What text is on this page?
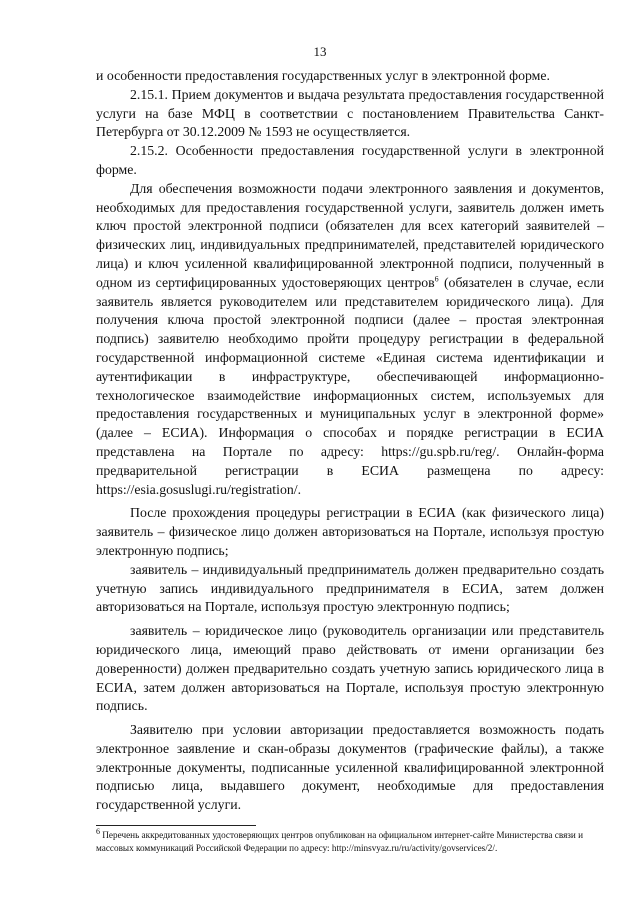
13

и особенности предоставления государственных услуг в электронной форме.

2.15.1. Прием документов и выдача результата предоставления государственной услуги на базе МФЦ в соответствии с постановлением Правительства Санкт-Петербурга от 30.12.2009 № 1593 не осуществляется.

2.15.2. Особенности предоставления государственной услуги в электронной форме.

Для обеспечения возможности подачи электронного заявления и документов, необходимых для предоставления государственной услуги, заявитель должен иметь ключ простой электронной подписи (обязателен для всех категорий заявителей – физических лиц, индивидуальных предпринимателей, представителей юридического лица) и ключ усиленной квалифицированной электронной подписи, полученный в одном из сертифицированных удостоверяющих центров$^6$ (обязателен в случае, если заявитель является руководителем или представителем юридического лица). Для получения ключа простой электронной подписи (далее – простая электронная подпись) заявителю необходимо пройти процедуру регистрации в федеральной государственной информационной системе «Единая система идентификации и аутентификации в инфраструктуре, обеспечивающей информационно-технологическое взаимодействие информационных систем, используемых для предоставления государственных и муниципальных услуг в электронной форме» (далее – ЕСИА). Информация о способах и порядке регистрации в ЕСИА представлена на Портале по адресу: https://gu.spb.ru/reg/. Онлайн-форма предварительной регистрации в ЕСИА размещена по адресу: https://esia.gosuslugi.ru/registration/.

После прохождения процедуры регистрации в ЕСИА (как физического лица) заявитель – физическое лицо должен авторизоваться на Портале, используя простую электронную подпись;

заявитель – индивидуальный предприниматель должен предварительно создать учетную запись индивидуального предпринимателя в ЕСИА, затем должен авторизоваться на Портале, используя простую электронную подпись;

заявитель – юридическое лицо (руководитель организации или представитель юридического лица, имеющий право действовать от имени организации без доверенности) должен предварительно создать учетную запись юридического лица в ЕСИА, затем должен авторизоваться на Портале, используя простую электронную подпись.

Заявителю при условии авторизации предоставляется возможность подать электронное заявление и скан-образы документов (графические файлы), а также электронные документы, подписанные усиленной квалифицированной электронной подписью лица, выдавшего документ, необходимые для предоставления государственной услуги.

$^6$ Перечень аккредитованных удостоверяющих центров опубликован на официальном интернет-сайте Министерства связи и массовых коммуникаций Российской Федерации по адресу: http://minsvyaz.ru/ru/activity/govservices/2/.
